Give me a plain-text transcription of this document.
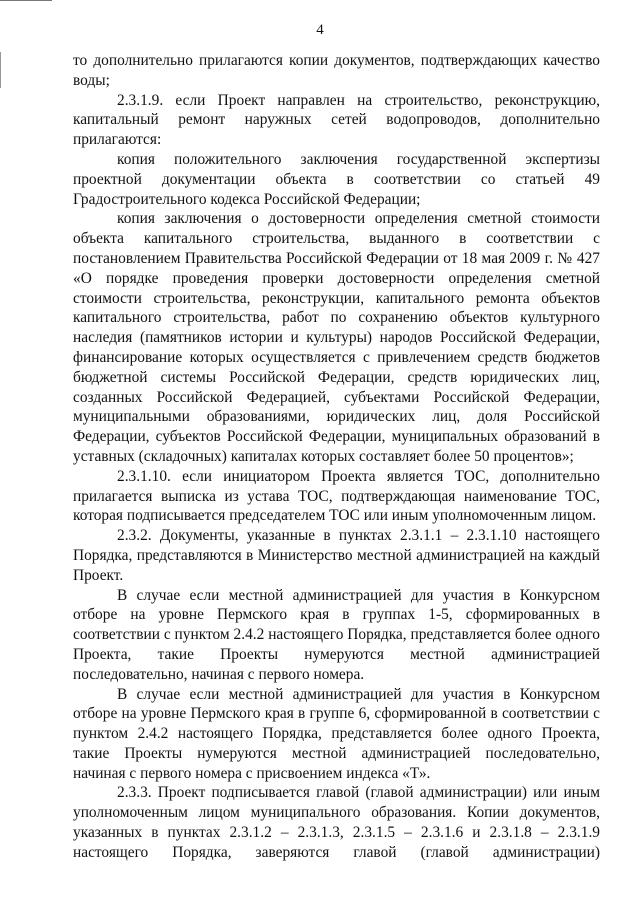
4

то дополнительно прилагаются копии документов, подтверждающих качество воды;

2.3.1.9. если Проект направлен на строительство, реконструкцию, капитальный ремонт наружных сетей водопроводов, дополнительно прилагаются:

копия положительного заключения государственной экспертизы проектной документации объекта в соответствии со статьей 49 Градостроительного кодекса Российской Федерации;

копия заключения о достоверности определения сметной стоимости объекта капитального строительства, выданного в соответствии с постановлением Правительства Российской Федерации от 18 мая 2009 г. № 427 «О порядке проведения проверки достоверности определения сметной стоимости строительства, реконструкции, капитального ремонта объектов капитального строительства, работ по сохранению объектов культурного наследия (памятников истории и культуры) народов Российской Федерации, финансирование которых осуществляется с привлечением средств бюджетов бюджетной системы Российской Федерации, средств юридических лиц, созданных Российской Федерацией, субъектами Российской Федерации, муниципальными образованиями, юридических лиц, доля Российской Федерации, субъектов Российской Федерации, муниципальных образований в уставных (складочных) капиталах которых составляет более 50 процентов»;

2.3.1.10. если инициатором Проекта является ТОС, дополнительно прилагается выписка из устава ТОС, подтверждающая наименование ТОС, которая подписывается председателем ТОС или иным уполномоченным лицом.

2.3.2. Документы, указанные в пунктах 2.3.1.1 – 2.3.1.10 настоящего Порядка, представляются в Министерство местной администрацией на каждый Проект.

В случае если местной администрацией для участия в Конкурсном отборе на уровне Пермского края в группах 1-5, сформированных в соответствии с пунктом 2.4.2 настоящего Порядка, представляется более одного Проекта, такие Проекты нумеруются местной администрацией последовательно, начиная с первого номера.

В случае если местной администрацией для участия в Конкурсном отборе на уровне Пермского края в группе 6, сформированной в соответствии с пунктом 2.4.2 настоящего Порядка, представляется более одного Проекта, такие Проекты нумеруются местной администрацией последовательно, начиная с первого номера с присвоением индекса «Т».

2.3.3. Проект подписывается главой (главой администрации) или иным уполномоченным лицом муниципального образования. Копии документов, указанных в пунктах 2.3.1.2 – 2.3.1.3, 2.3.1.5 – 2.3.1.6 и 2.3.1.8 – 2.3.1.9 настоящего Порядка, заверяются главой (главой администрации)
